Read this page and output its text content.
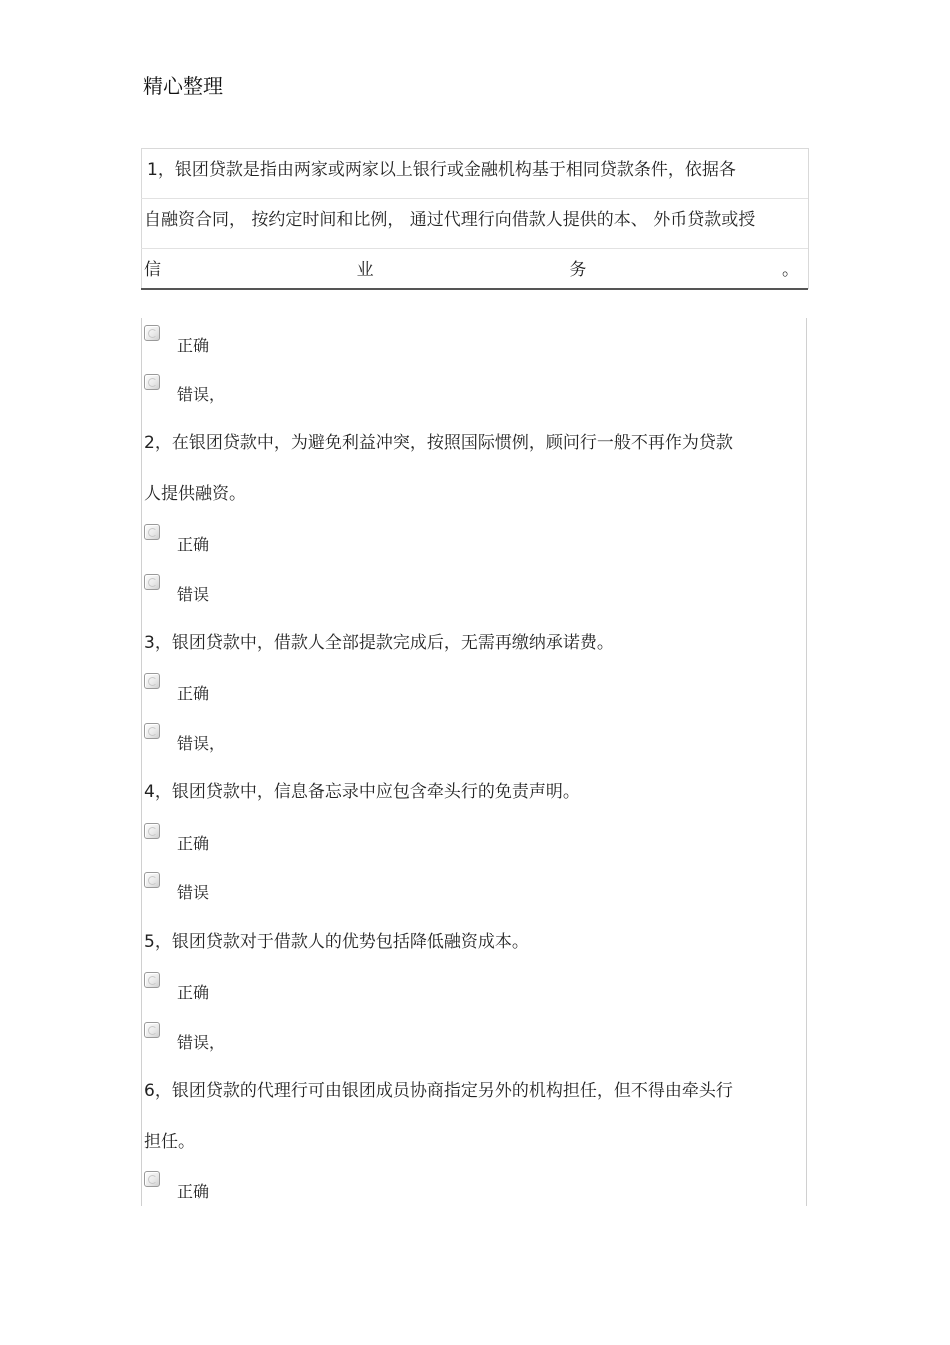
精心整理
1，银团贷款是指由两家或两家以上银行或金融机构基于相同贷款条件，依据各
自融资合同， 按约定时间和比例， 通过代理行向借款人提供的本、 外币贷款或授
信	业	务	。
正确
错误，
2，在银团贷款中，为避免利益冲突，按照国际惯例，顾问行一般不再作为贷款
人提供融资。
正确
错误
3，银团贷款中，借款人全部提款完成后，无需再缴纳承诺费。
正确
错误，
4，银团贷款中，信息备忘录中应包含牵头行的免责声明。
正确
错误
5，银团贷款对于借款人的优势包括降低融资成本。
正确
错误，
6，银团贷款的代理行可由银团成员协商指定另外的机构担任，但不得由牵头行
担任。
正确
